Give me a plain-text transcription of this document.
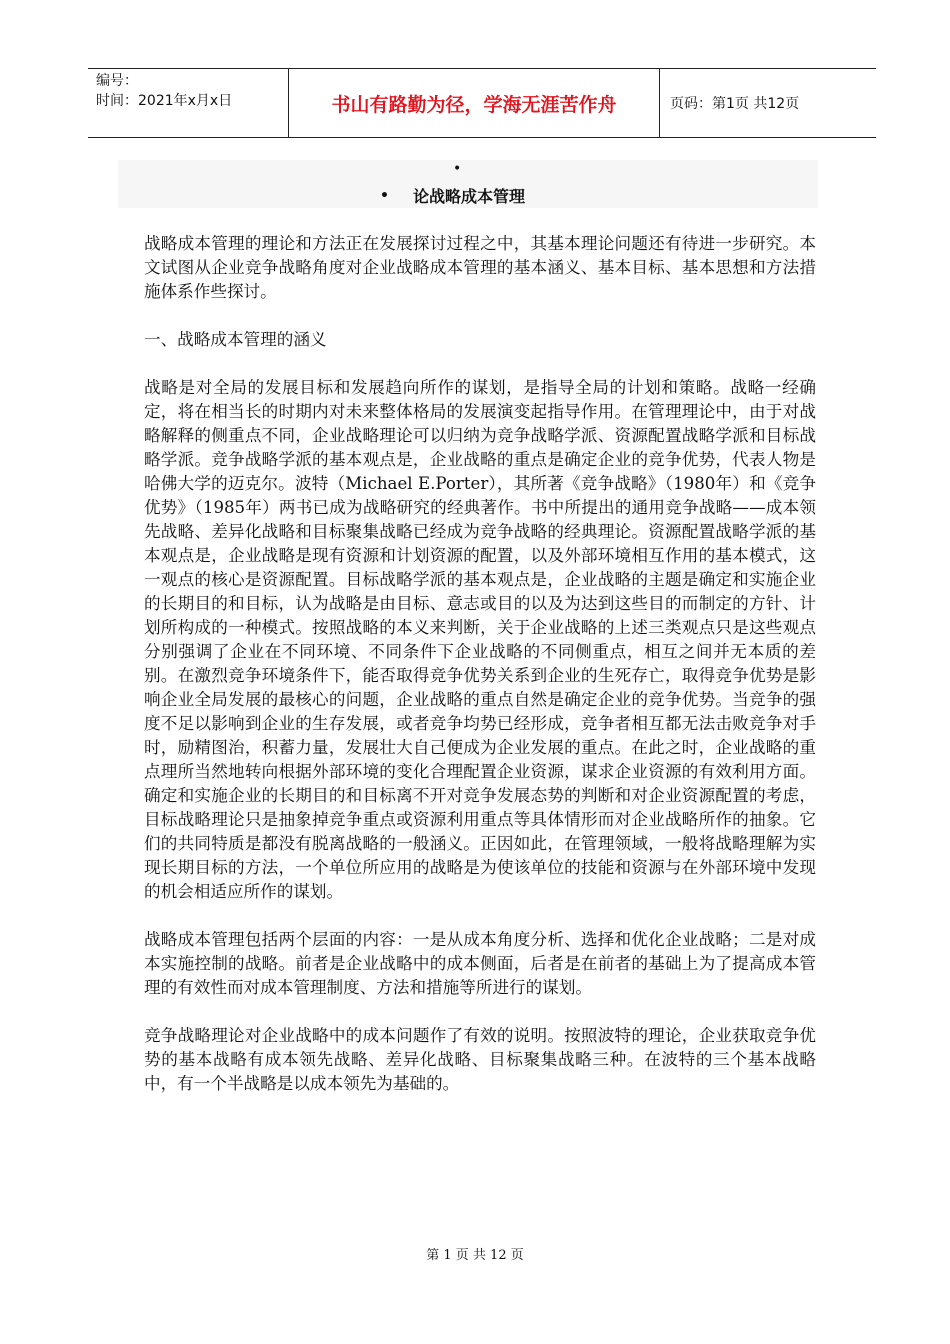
编号：
时间：2021年x月x日	书山有路勤为径，学海无涯苦作舟	页码：第1页 共12页
•
• 论战略成本管理

战略成本管理的理论和方法正在发展探讨过程之中，其基本理论问题还有待进一步研究。本文试图从企业竞争战略角度对企业战略成本管理的基本涵义、基本目标、基本思想和方法措施体系作些探讨。

一、战略成本管理的涵义

战略是对全局的发展目标和发展趋向所作的谋划，是指导全局的计划和策略。战略一经确定，将在相当长的时期内对未来整体格局的发展演变起指导作用。在管理理论中，由于对战略解释的侧重点不同，企业战略理论可以归纳为竞争战略学派、资源配置战略学派和目标战略学派。竞争战略学派的基本观点是，企业战略的重点是确定企业的竞争优势，代表人物是哈佛大学的迈克尔。波特（Michael E.Porter），其所著《竞争战略》（1980年）和《竞争优势》（1985年）两书已成为战略研究的经典著作。书中所提出的通用竞争战略——成本领先战略、差异化战略和目标聚集战略已经成为竞争战略的经典理论。资源配置战略学派的基本观点是，企业战略是现有资源和计划资源的配置，以及外部环境相互作用的基本模式，这一观点的核心是资源配置。目标战略学派的基本观点是，企业战略的主题是确定和实施企业的长期目的和目标，认为战略是由目标、意志或目的以及为达到这些目的而制定的方针、计划所构成的一种模式。按照战略的本义来判断，关于企业战略的上述三类观点只是这些观点分别强调了企业在不同环境、不同条件下企业战略的不同侧重点，相互之间并无本质的差别。在激烈竞争环境条件下，能否取得竞争优势关系到企业的生死存亡，取得竞争优势是影响企业全局发展的最核心的问题，企业战略的重点自然是确定企业的竞争优势。当竞争的强度不足以影响到企业的生存发展，或者竞争均势已经形成，竞争者相互都无法击败竞争对手时，励精图治，积蓄力量，发展壮大自己便成为企业发展的重点。在此之时，企业战略的重点理所当然地转向根据外部环境的变化合理配置企业资源，谋求企业资源的有效利用方面。确定和实施企业的长期目的和目标离不开对竞争发展态势的判断和对企业资源配置的考虑，目标战略理论只是抽象掉竞争重点或资源利用重点等具体情形而对企业战略所作的抽象。它们的共同特质是都没有脱离战略的一般涵义。正因如此，在管理领域，一般将战略理解为实现长期目标的方法，一个单位所应用的战略是为使该单位的技能和资源与在外部环境中发现的机会相适应所作的谋划。

战略成本管理包括两个层面的内容：一是从成本角度分析、选择和优化企业战略；二是对成本实施控制的战略。前者是企业战略中的成本侧面，后者是在前者的基础上为了提高成本管理的有效性而对成本管理制度、方法和措施等所进行的谋划。

竞争战略理论对企业战略中的成本问题作了有效的说明。按照波特的理论，企业获取竞争优势的基本战略有成本领先战略、差异化战略、目标聚集战略三种。在波特的三个基本战略中，有一个半战略是以成本领先为基础的。

第 1 页 共 12 页
